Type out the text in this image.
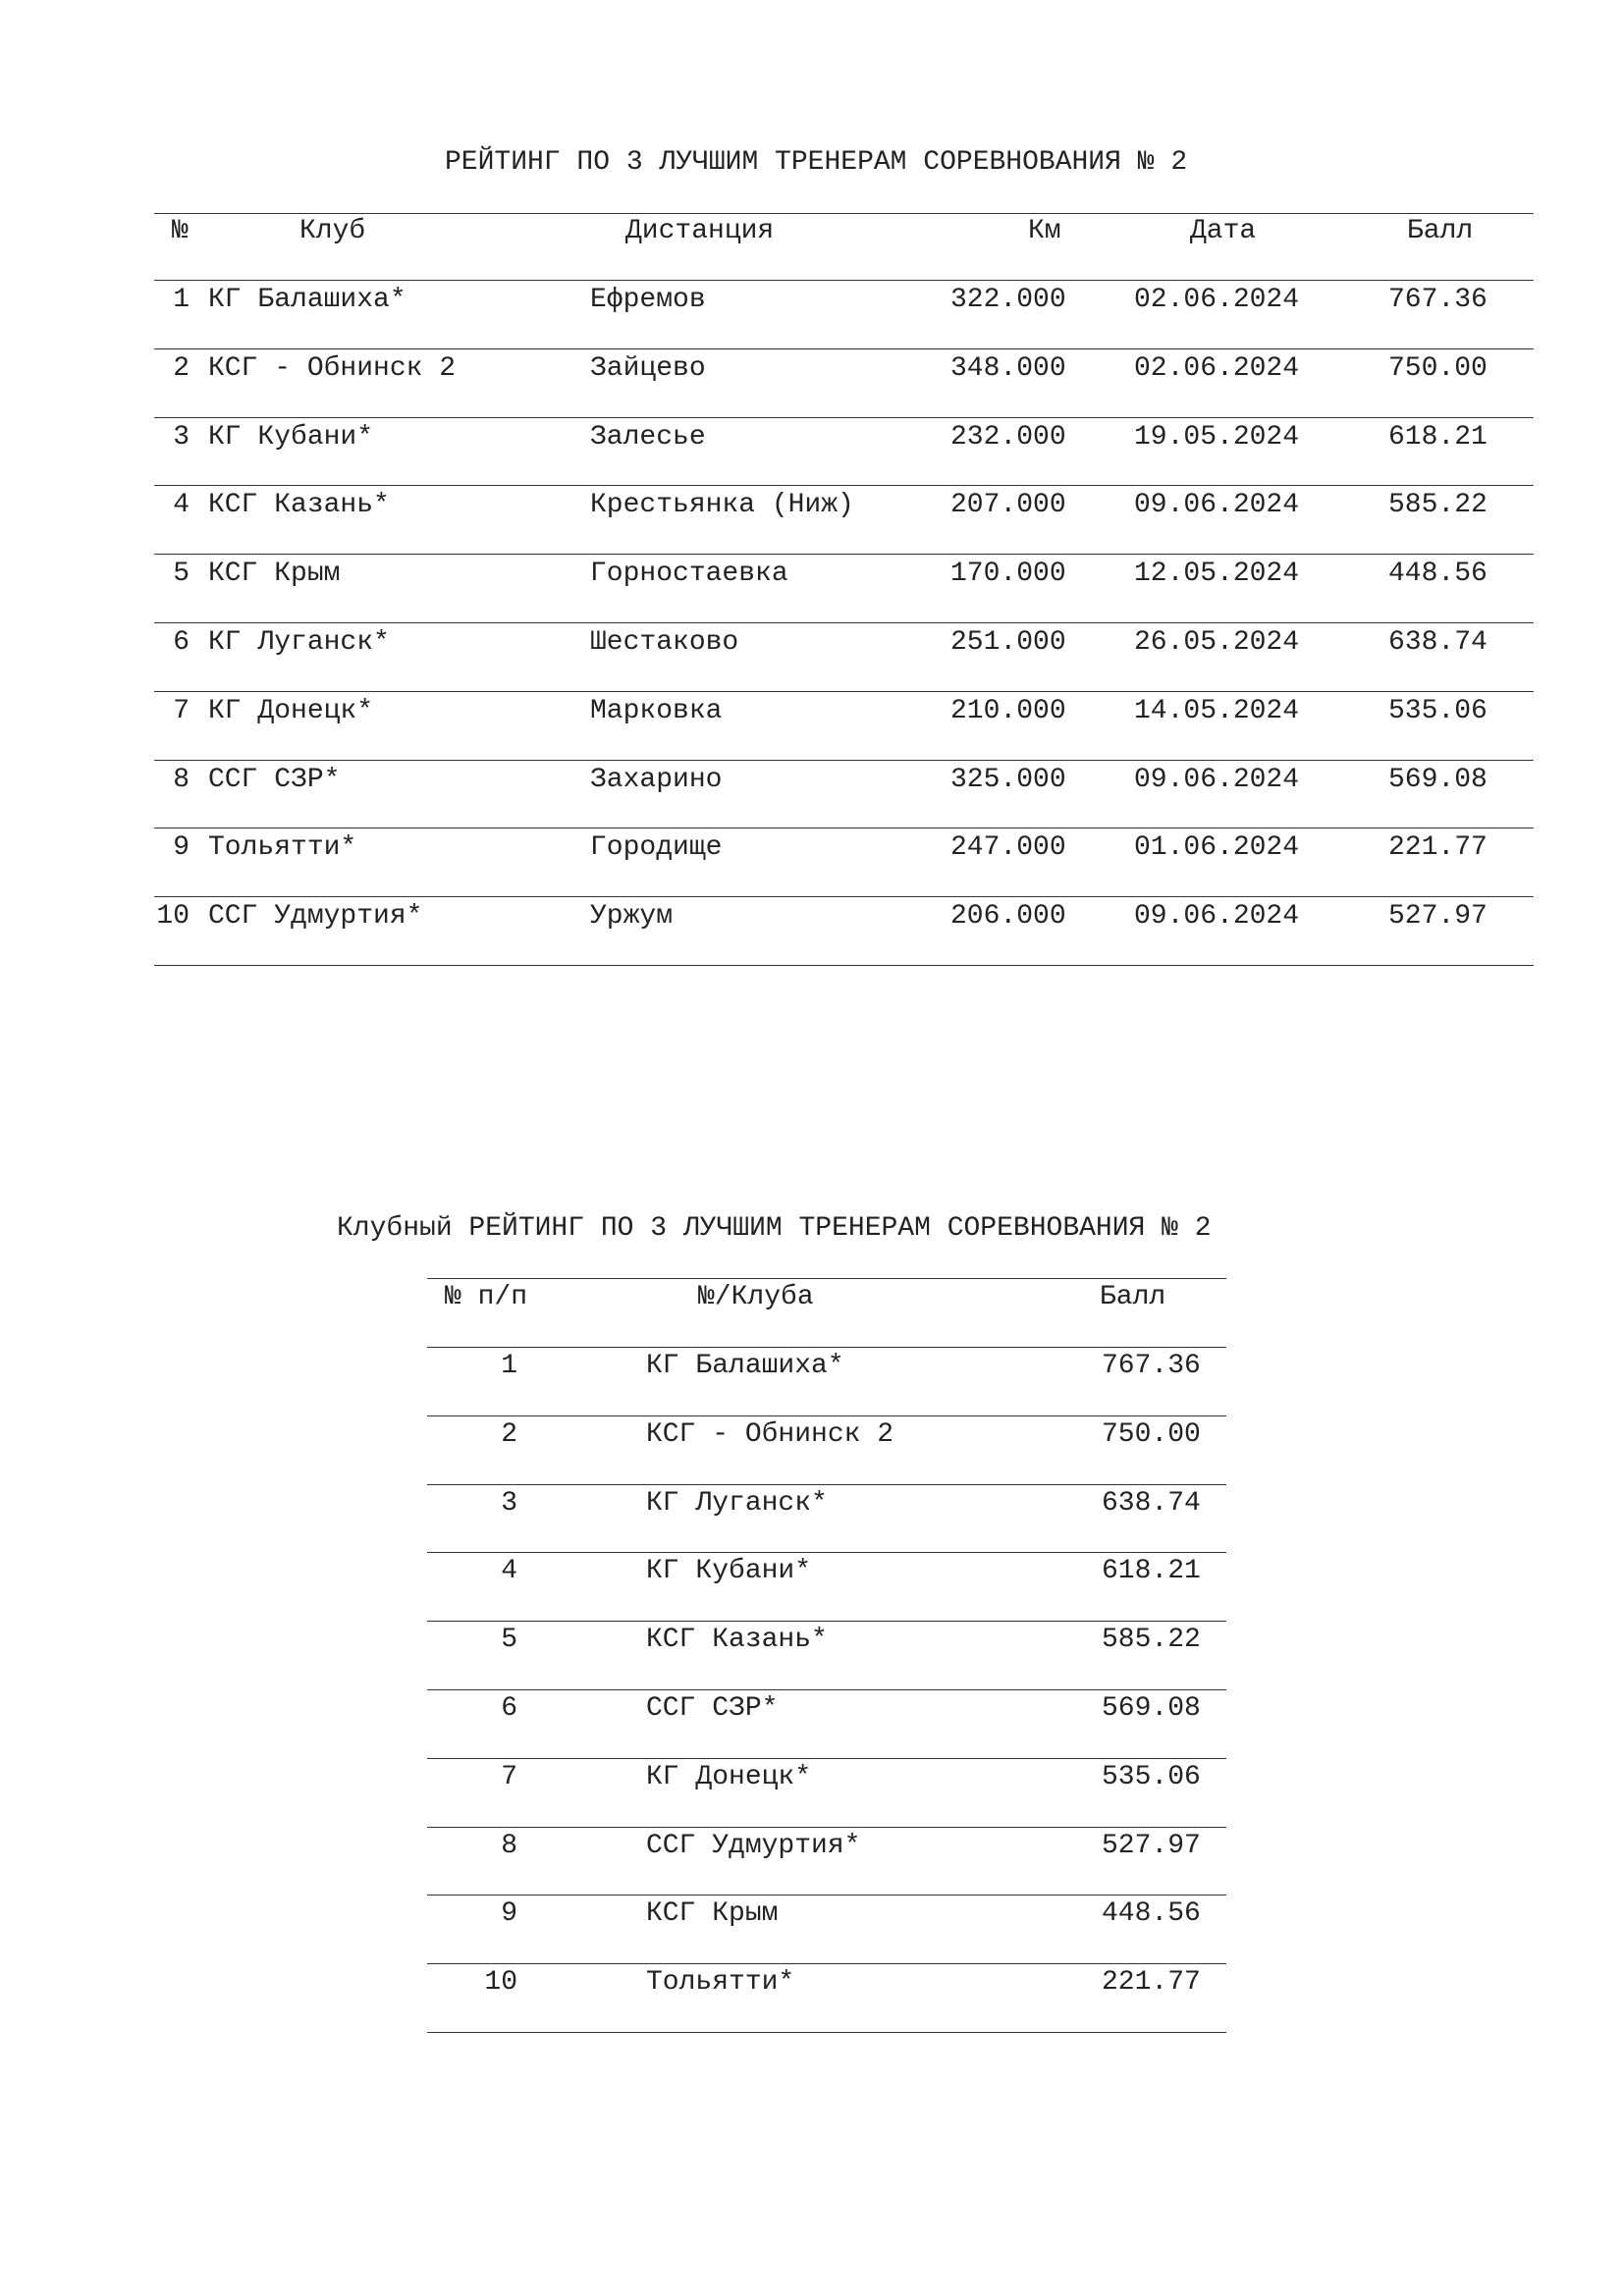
РЕЙТИНГ ПО 3 ЛУЧШИМ ТРЕНЕРАМ СОРЕВНОВАНИЯ № 2
№	Клуб	Дистанция	Км	Дата	Балл
1 КГ Балашиха*	Ефремов	322.000 02.06.2024	767.36
2 КСГ - Обнинск 2	Зайцево	348.000 02.06.2024	750.00
3 КГ Кубани*	Залесье	232.000 19.05.2024	618.21
4 КСГ Казань*	Крестьянка (Ниж)	207.000 09.06.2024	585.22
5 КСГ Крым	Горностаевка	170.000 12.05.2024	448.56
6 КГ Луганск*	Шестаково	251.000 26.05.2024	638.74
7 КГ Донецк*	Марковка	210.000 14.05.2024	535.06
8 ССГ СЗР*	Захарино	325.000 09.06.2024	569.08
9 Тольятти*	Городище	247.000 01.06.2024	221.77
10 ССГ Удмуртия*	Уржум	206.000 09.06.2024	527.97
Клубный РЕЙТИНГ ПО 3 ЛУЧШИМ ТРЕНЕРАМ СОРЕВНОВАНИЯ № 2
№ п/п	№/Клуба	Балл
1	КГ Балашиха*	767.36
2	КСГ - Обнинск 2	750.00
3	КГ Луганск*	638.74
4	КГ Кубани*	618.21
5	КСГ Казань*	585.22
6	ССГ СЗР*	569.08
7	КГ Донецк*	535.06
8	ССГ Удмуртия*	527.97
9	КСГ Крым	448.56
10	Тольятти*	221.77
